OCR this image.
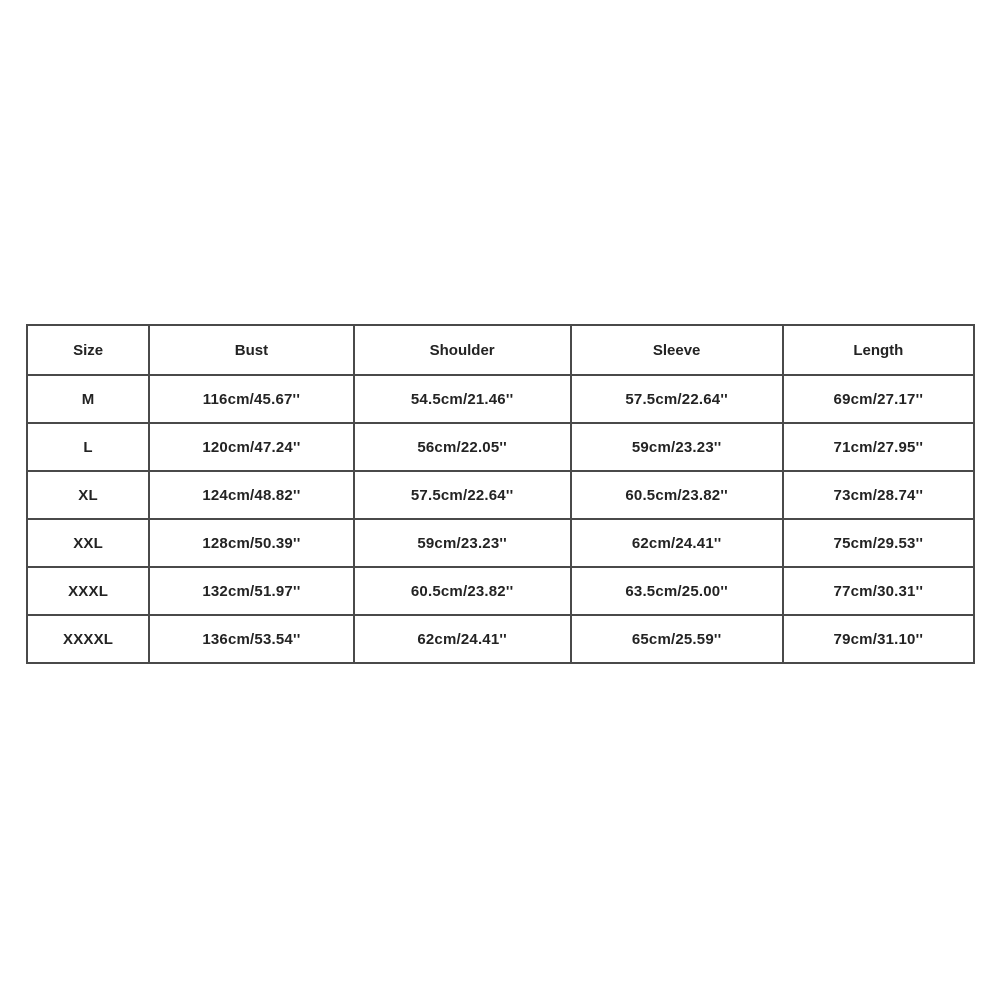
Size	Bust	Shoulder	Sleeve	Length
M	116cm/45.67''	54.5cm/21.46''	57.5cm/22.64''	69cm/27.17''
L	120cm/47.24''	56cm/22.05''	59cm/23.23''	71cm/27.95''
XL	124cm/48.82''	57.5cm/22.64''	60.5cm/23.82''	73cm/28.74''
XXL	128cm/50.39''	59cm/23.23''	62cm/24.41''	75cm/29.53''
XXXL	132cm/51.97''	60.5cm/23.82''	63.5cm/25.00''	77cm/30.31''
XXXXL	136cm/53.54''	62cm/24.41''	65cm/25.59''	79cm/31.10''
